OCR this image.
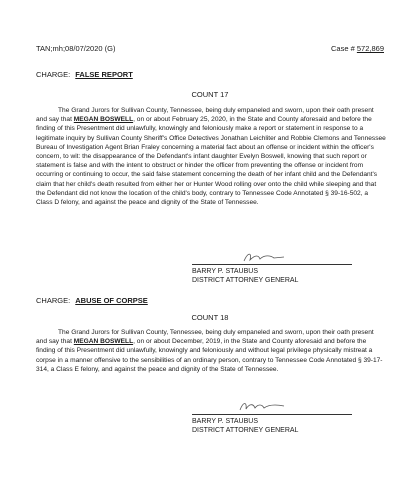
TAN;mh;08/07/2020 (G)	Case # 572,869
CHARGE: FALSE REPORT
COUNT 17
The Grand Jurors for Sullivan County, Tennessee, being duly empaneled and sworn, upon their oath present and say that MEGAN BOSWELL, on or about February 25, 2020, in the State and County aforesaid and before the finding of this Presentment did unlawfully, knowingly and feloniously make a report or statement in response to a legitimate inquiry by Sullivan County Sheriff's Office Detectives Jonathan Leichliter and Robbie Clemons and Tennessee Bureau of Investigation Agent Brian Fraley concerning a material fact about an offense or incident within the officer's concern, to wit: the disappearance of the Defendant's infant daughter Evelyn Boswell, knowing that such report or statement is false and with the intent to obstruct or hinder the officer from preventing the offense or incident from occurring or continuing to occur, the said false statement concerning the death of her infant child and the Defendant's claim that her child's death resulted from either her or Hunter Wood rolling over onto the child while sleeping and that the Defendant did not know the location of the child's body, contrary to Tennessee Code Annotated § 39-16-502, a Class D felony, and against the peace and dignity of the State of Tennessee.
BARRY P. STAUBUS
DISTRICT ATTORNEY GENERAL
CHARGE: ABUSE OF CORPSE
COUNT 18
The Grand Jurors for Sullivan County, Tennessee, being duly empaneled and sworn, upon their oath present and say that MEGAN BOSWELL, on or about December, 2019, in the State and County aforesaid and before the finding of this Presentment did unlawfully, knowingly and feloniously and without legal privilege physically mistreat a corpse in a manner offensive to the sensibilities of an ordinary person, contrary to Tennessee Code Annotated § 39-17-314, a Class E felony, and against the peace and dignity of the State of Tennessee.
BARRY P. STAUBUS
DISTRICT ATTORNEY GENERAL
